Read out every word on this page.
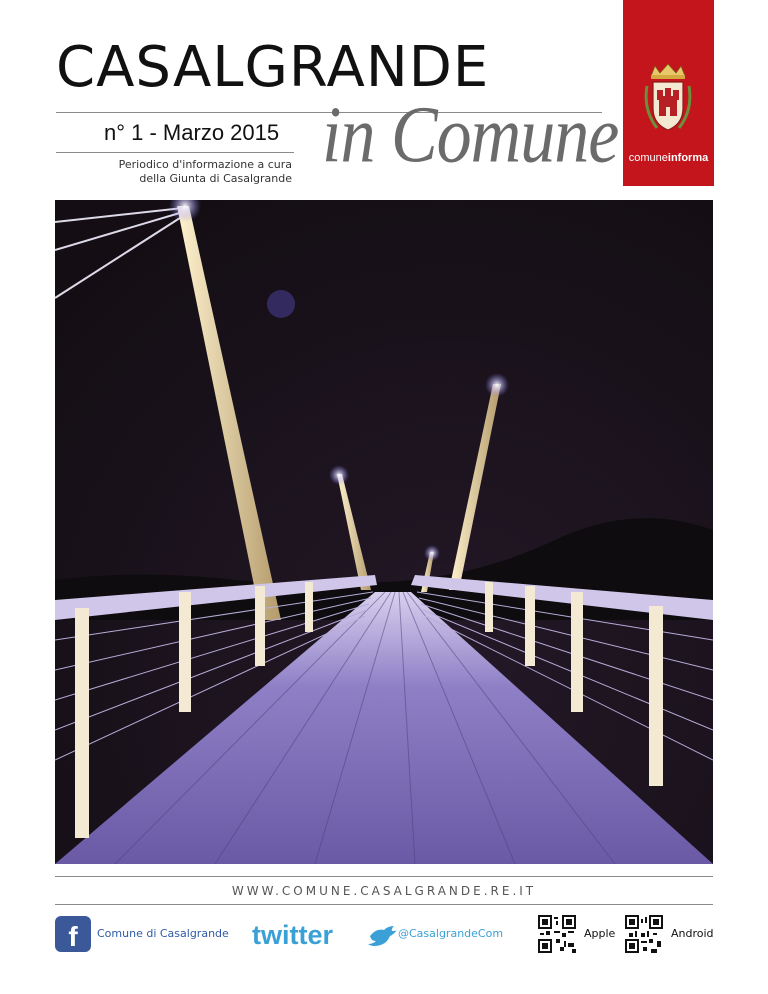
CASALGRANDE
n° 1 - Marzo 2015
Periodico d'informazione a cura
della Giunta di Casalgrande in Comune comuneinforma
WWW.COMUNE.CASALGRANDE.RE.IT
f	Comune di Casalgrande twitter	@CasalgrandeCom	Apple	Android
